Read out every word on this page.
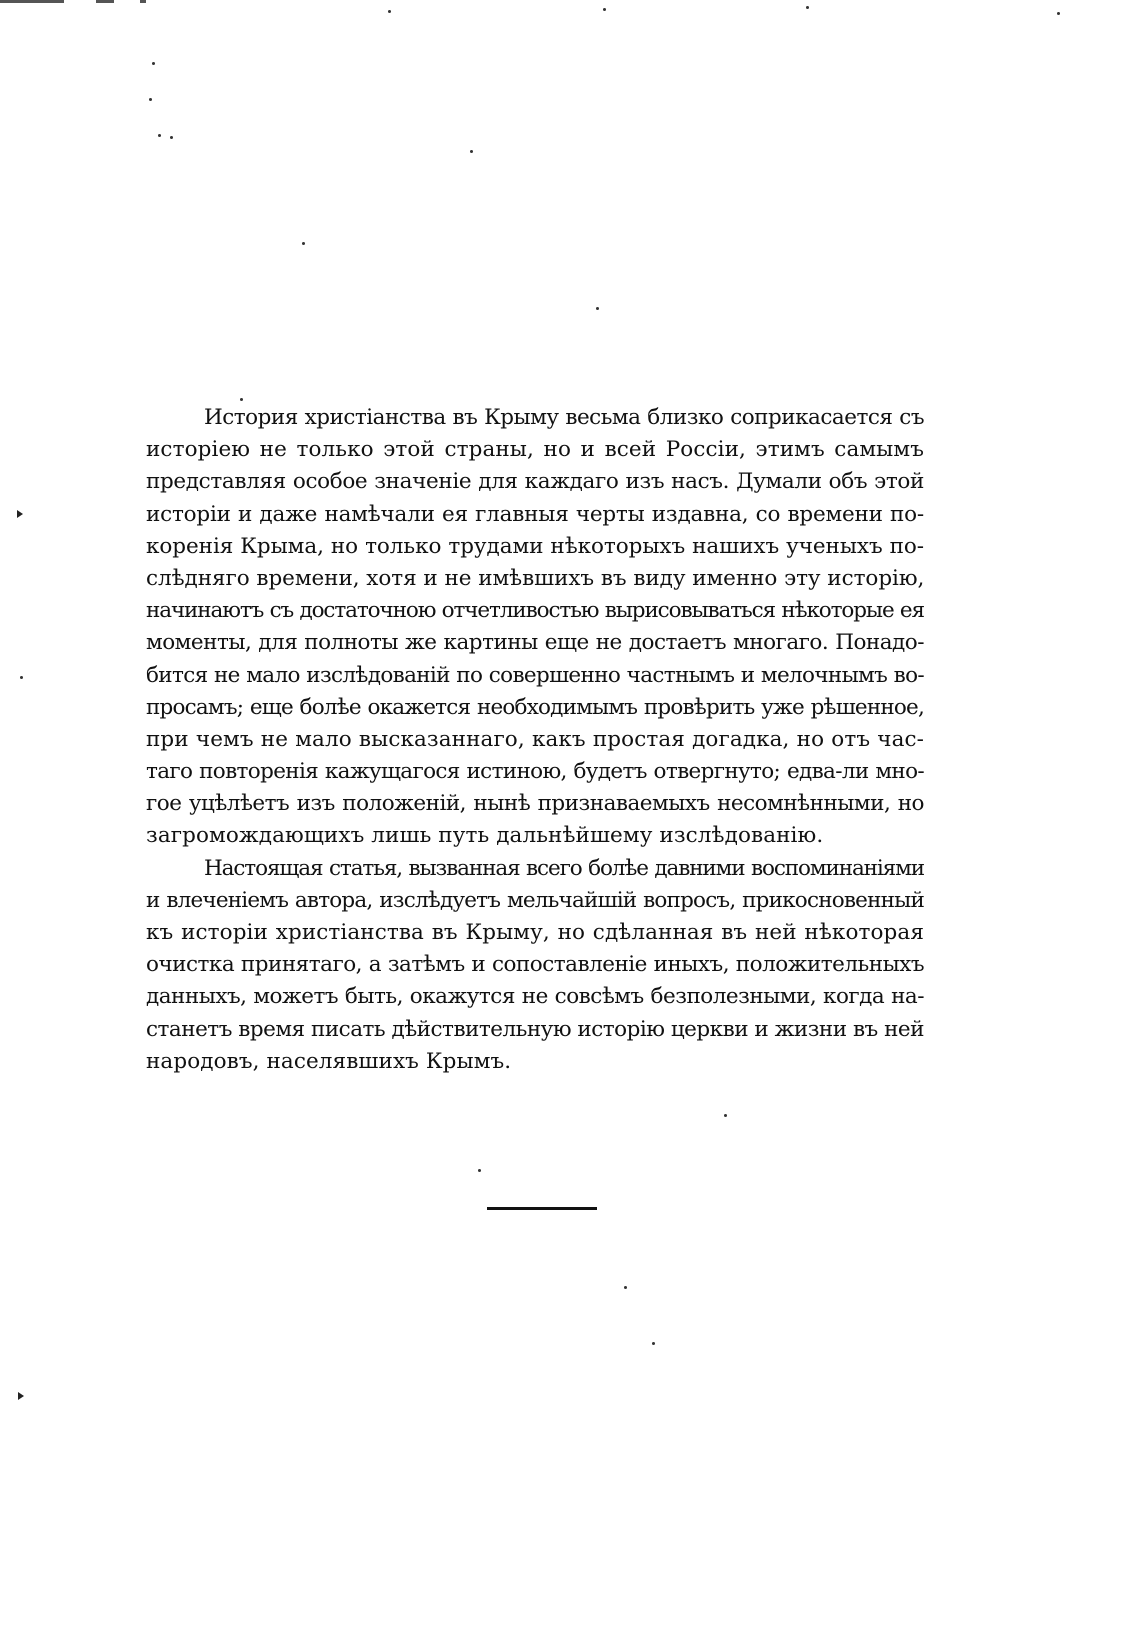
История христіанства въ Крыму весьма близко соприкасается съ
исторіею не только этой страны, но и всей Россіи, этимъ самымъ
представляя особое значеніе для каждаго изъ насъ. Думали объ этой
исторіи и даже намѣчали ея главныя черты издавна, со времени по-
коренія Крыма, но только трудами нѣкоторыхъ нашихъ ученыхъ по-
слѣдняго времени, хотя и не имѣвшихъ въ виду именно эту исторію,
начинаютъ съ достаточною отчетливостью вырисовываться нѣкоторые ея
моменты, для полноты же картины еще не достаетъ многаго. Понадо-
бится не мало изслѣдованій по совершенно частнымъ и мелочнымъ во-
просамъ; еще болѣе окажется необходимымъ провѣрить уже рѣшенное,
при чемъ не мало высказаннаго, какъ простая догадка, но отъ час-
таго повторенія кажущагося истиною, будетъ отвергнуто; едва-ли мно-
гое уцѣлѣетъ изъ положеній, нынѣ признаваемыхъ несомнѣнными, но
загромождающихъ лишь путь дальнѣйшему изслѣдованію.
Настоящая статья, вызванная всего болѣе давними воспоминаніями
и влеченіемъ автора, изслѣдуетъ мельчайшій вопросъ, прикосновенный
къ исторіи христіанства въ Крыму, но сдѣланная въ ней нѣкоторая
очистка принятаго, а затѣмъ и сопоставленіе иныхъ, положительныхъ
данныхъ, можетъ быть, окажутся не совсѣмъ безполезными, когда на-
станетъ время писать дѣйствительную исторію церкви и жизни въ ней
народовъ, населявшихъ Крымъ.
